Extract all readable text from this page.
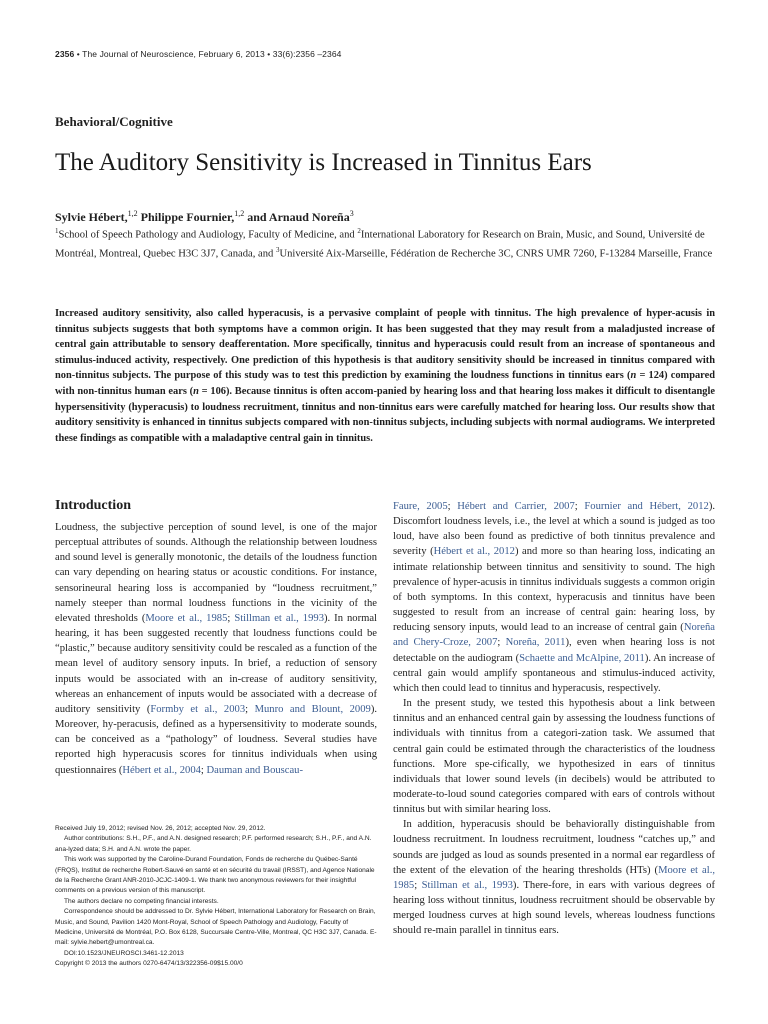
2356 • The Journal of Neuroscience, February 6, 2013 • 33(6):2356 –2364
Behavioral/Cognitive
The Auditory Sensitivity is Increased in Tinnitus Ears
Sylvie Hébert,$^{1,2}$ Philippe Fournier,$^{1,2}$ and Arnaud Noreña$^3$
$^1$School of Speech Pathology and Audiology, Faculty of Medicine, and $^2$International Laboratory for Research on Brain, Music, and Sound, Université de Montréal, Montreal, Quebec H3C 3J7, Canada, and $^3$Université Aix-Marseille, Fédération de Recherche 3C, CNRS UMR 7260, F-13284 Marseille, France

Increased auditory sensitivity, also called hyperacusis, is a pervasive complaint of people with tinnitus. The high prevalence of hyper-acusis in tinnitus subjects suggests that both symptoms have a common origin. It has been suggested that they may result from a maladjusted increase of central gain attributable to sensory deafferentation. More specifically, tinnitus and hyperacusis could result from an increase of spontaneous and stimulus-induced activity, respectively. One prediction of this hypothesis is that auditory sensitivity should be increased in tinnitus compared with non-tinnitus subjects. The purpose of this study was to test this prediction by examining the loudness functions in tinnitus ears (n = 124) compared with non-tinnitus human ears (n = 106). Because tinnitus is often accom-panied by hearing loss and that hearing loss makes it difficult to disentangle hypersensitivity (hyperacusis) to loudness recruitment, tinnitus and non-tinnitus ears were carefully matched for hearing loss. Our results show that auditory sensitivity is enhanced in tinnitus subjects compared with non-tinnitus subjects, including subjects with normal audiograms. We interpreted these findings as compatible with a maladaptive central gain in tinnitus.

Introduction

Loudness, the subjective perception of sound level, is one of the major perceptual attributes of sounds. Although the relationship between loudness and sound level is generally monotonic, the details of the loudness function can vary depending on hearing status or acoustic conditions. For instance, sensorineural hearing loss is accompanied by “loudness recruitment,” namely steeper than normal loudness functions in the vicinity of the elevated thresholds (Moore et al., 1985; Stillman et al., 1993). In normal hearing, it has been suggested recently that loudness functions could be “plastic,” because auditory sensitivity could be rescaled as a function of the mean level of auditory sensory inputs. In brief, a reduction of sensory inputs would be associated with an in-crease of auditory sensitivity, whereas an enhancement of inputs would be associated with a decrease of auditory sensitivity (Formby et al., 2003; Munro and Blount, 2009). Moreover, hy-peracusis, defined as a hypersensitivity to moderate sounds, can be conceived as a “pathology” of loudness. Several studies have reported high hyperacusis scores for tinnitus individuals when using questionnaires (Hébert et al., 2004; Dauman and Bouscau-

Faure, 2005; Hébert and Carrier, 2007; Fournier and Hébert, 2012). Discomfort loudness levels, i.e., the level at which a sound is judged as too loud, have also been found as predictive of both tinnitus prevalence and severity (Hébert et al., 2012) and more so than hearing loss, indicating an intimate relationship between tinnitus and sensitivity to sound. The high prevalence of hyper-acusis in tinnitus individuals suggests a common origin of both symptoms. In this context, hyperacusis and tinnitus have been suggested to result from an increase of central gain: hearing loss, by reducing sensory inputs, would lead to an increase of central gain (Noreña and Chery-Croze, 2007; Noreña, 2011), even when hearing loss is not detectable on the audiogram (Schaette and McAlpine, 2011). An increase of central gain would amplify spontaneous and stimulus-induced activity, which then could lead to tinnitus and hyperacusis, respectively.

In the present study, we tested this hypothesis about a link between tinnitus and an enhanced central gain by assessing the loudness functions of individuals with tinnitus from a categori-zation task. We assumed that central gain could be estimated through the characteristics of the loudness functions. More spe-cifically, we hypothesized in ears of tinnitus individuals that lower sound levels (in decibels) would be attributed to moderate-to-loud sound categories compared with ears of controls without tinnitus but with similar hearing loss.

In addition, hyperacusis should be behaviorally distinguishable from loudness recruitment. In loudness recruitment, loudness “catches up,” and sounds are judged as loud as sounds presented in a normal ear regardless of the extent of the elevation of the hearing thresholds (HTs) (Moore et al., 1985; Stillman et al., 1993). There-fore, in ears with various degrees of hearing loss without tinnitus, loudness recruitment should be observable by merged loudness curves at high sound levels, whereas loudness functions should re-main parallel in tinnitus ears.

Received July 19, 2012; revised Nov. 26, 2012; accepted Nov. 29, 2012.

Author contributions: S.H., P.F., and A.N. designed research; P.F. performed research; S.H., P.F., and A.N. ana-lyzed data; S.H. and A.N. wrote the paper.

This work was supported by the Caroline-Durand Foundation, Fonds de recherche du Québec-Santé (FRQS), Institut de recherche Robert-Sauvé en santé et en sécurité du travail (IRSST), and Agence Nationale de la Recherche Grant ANR-2010-JCJC-1409-1. We thank two anonymous reviewers for their insightful comments on a previous version of this manuscript.

The authors declare no competing financial interests.

Correspondence should be addressed to Dr. Sylvie Hébert, International Laboratory for Research on Brain, Music, and Sound, Pavilion 1420 Mont-Royal, School of Speech Pathology and Audiology, Faculty of Medicine, Université de Montréal, P.O. Box 6128, Succursale Centre-Ville, Montreal, QC H3C 3J7, Canada. E-mail: sylvie.hebert@umontreal.ca.

DOI:10.1523/JNEUROSCI.3461-12.2013

Copyright © 2013 the authors 0270-6474/13/322356-09$15.00/0
